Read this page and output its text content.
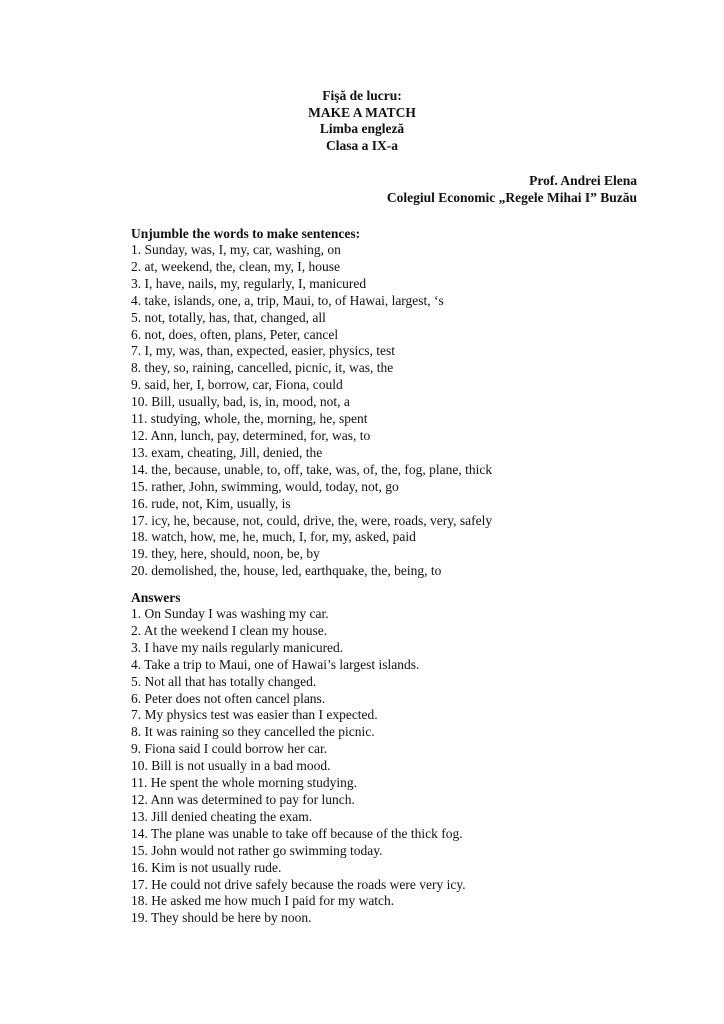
Fişă de lucru:
MAKE A MATCH
Limba engleză
Clasa a IX-a
Prof. Andrei Elena
Colegiul Economic „Regele Mihai I” Buzău
Unjumble the words to make sentences:
1. Sunday, was, I, my, car, washing, on
2. at, weekend, the, clean, my, I, house
3. I, have, nails, my, regularly, I, manicured
4. take, islands, one, a, trip, Maui, to, of Hawai, largest, ‘s
5. not, totally, has, that, changed, all
6. not, does, often, plans, Peter, cancel
7. I, my, was, than, expected, easier, physics, test
8. they, so, raining, cancelled, picnic, it, was, the
9. said, her, I, borrow, car, Fiona, could
10. Bill, usually, bad, is, in, mood, not, a
11. studying, whole, the, morning, he, spent
12. Ann, lunch, pay, determined, for, was, to
13. exam, cheating, Jill, denied, the
14. the, because, unable, to, off, take, was, of, the, fog, plane, thick
15. rather, John, swimming, would, today, not, go
16. rude, not, Kim, usually, is
17. icy, he, because, not, could, drive, the, were, roads, very, safely
18. watch, how, me, he, much, I, for, my, asked, paid
19. they, here, should, noon, be, by
20. demolished, the, house, led, earthquake, the, being, to
Answers
1. On Sunday I was washing my car.
2. At the weekend I clean my house.
3. I have my nails regularly manicured.
4. Take a trip to Maui, one of Hawai’s largest islands.
5. Not all that has totally changed.
6. Peter does not often cancel plans.
7. My physics test was easier than I expected.
8. It was raining so they cancelled the picnic.
9. Fiona said I could borrow her car.
10. Bill is not usually in a bad mood.
11. He spent the whole morning studying.
12. Ann was determined to pay for lunch.
13. Jill denied cheating the exam.
14. The plane was unable to take off because of the thick fog.
15. John would not rather go swimming today.
16. Kim is not usually rude.
17. He could not drive safely because the roads were very icy.
18. He asked me how much I paid for my watch.
19. They should be here by noon.
